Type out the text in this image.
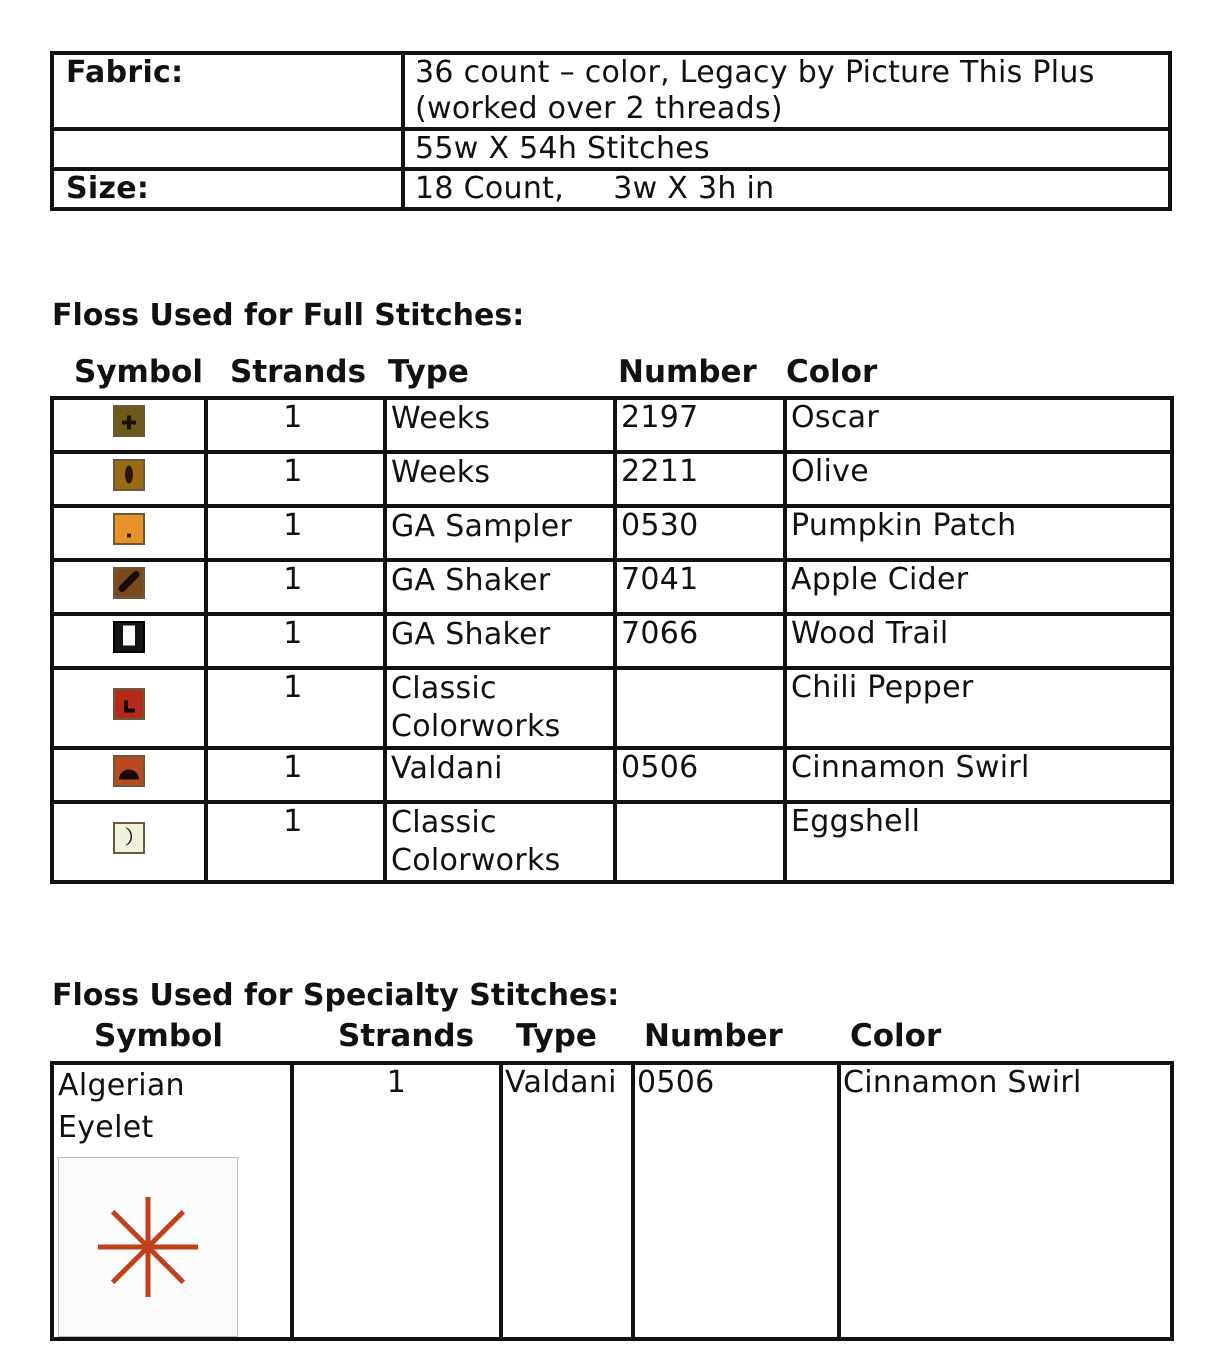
Fabric:	36 count – color, Legacy by Picture This Plus
(worked over 2 threads)

	55w X 54h Stitches
Size:	18 Count,     3w X 3h in
Floss Used for Full Stitches:
Symbol Strands Type	Number Color
	1	Weeks	2197	Oscar

	1	Weeks	2211	Olive

	1	GA Sampler	0530	Pumpkin Patch

	1	GA Shaker	7041	Apple Cider

	1	GA Shaker	7066	Wood Trail

	1	Classic
Colorworks		Chili Pepper

	1	Valdani	0506	Cinnamon Swirl

	1	Classic
Colorworks		Eggshell
Floss Used for Specialty Stitches:
Symbol	Strands Type Number Color
Algerian
Eyelet
	1	Valdani	0506	Cinnamon Swirl
